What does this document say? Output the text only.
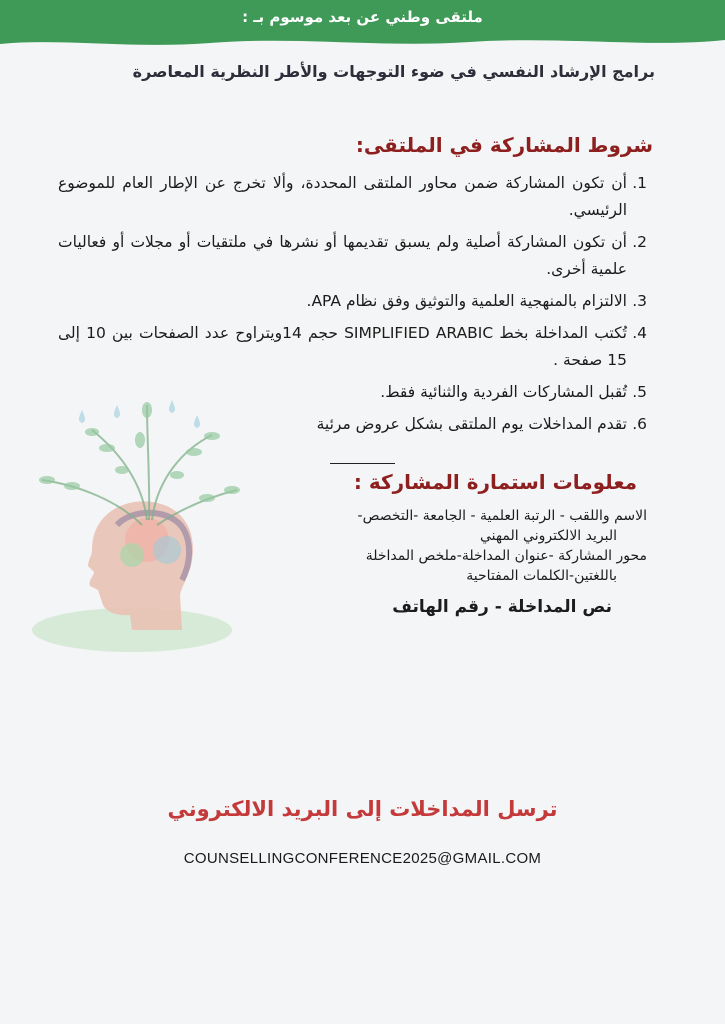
ملتقى وطني عن بعد موسوم بـ :
برامج الإرشاد النفسي في ضوء التوجهات والأطر النظرية المعاصرة
شروط المشاركة في الملتقى:
1.
أن تكون المشاركة ضمن محاور الملتقى المحددة، وألا تخرج عن الإطار العام للموضوع الرئيسي.
2.
أن تكون المشاركة أصلية ولم يسبق تقديمها أو نشرها في ملتقيات أو مجلات أو فعاليات علمية أخرى.
3.
الالتزام بالمنهجية العلمية والتوثيق وفق نظام APA.
4.
تُكتب المداخلة بخط SIMPLIFIED ARABIC حجم 14ويتراوح عدد الصفحات بين 10 إلى 15 صفحة .
5.
تُقبل المشاركات الفردية والثنائية فقط.
6.
تقدم المداخلات يوم الملتقى بشكل عروض مرئية
معلومات استمارة المشاركة :
الاسم واللقب - الرتبة العلمية - الجامعة -التخصص-
البريد الالكتروني المهني
محور المشاركة -عنوان المداخلة-ملخص المداخلة
باللغتين-الكلمات المفتاحية
نص المداخلة - رقم الهاتف
ترسل المداخلات إلى البريد الالكتروني
COUNSELLINGCONFERENCE2025@GMAIL.COM
